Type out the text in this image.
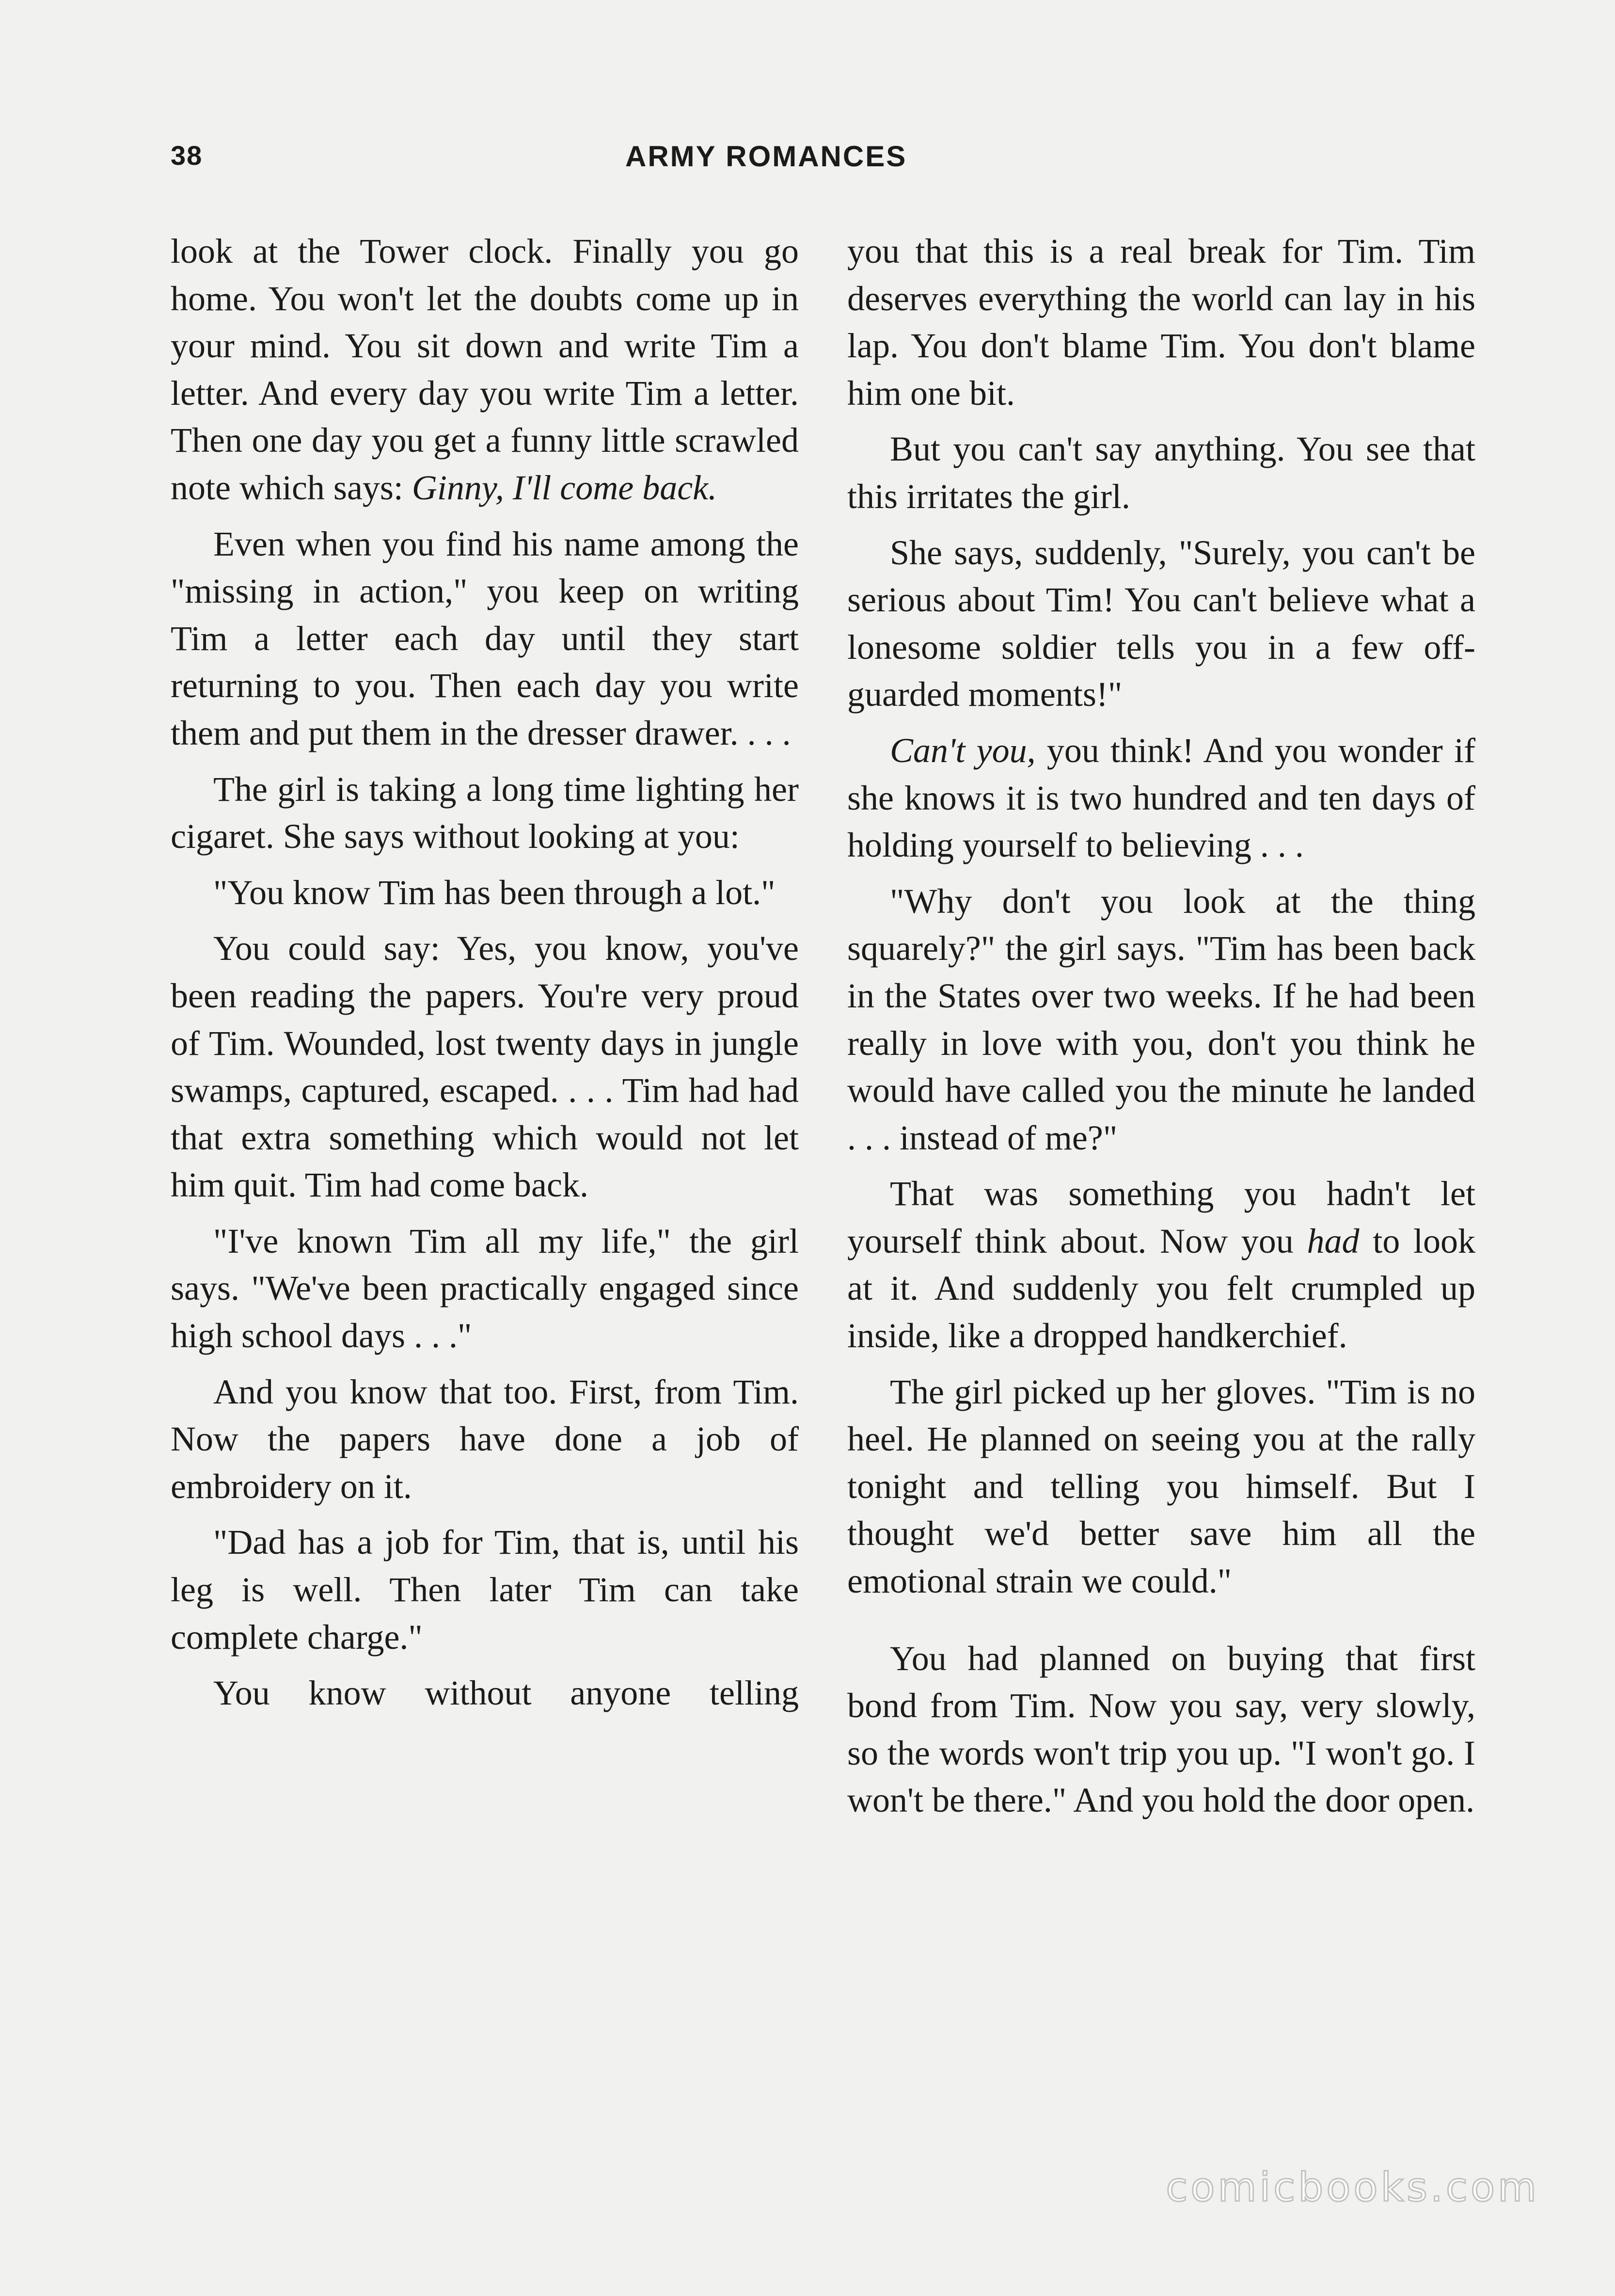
38	ARMY ROMANCES

look at the Tower clock. Finally you go home. You won't let the doubts come up in your mind. You sit down and write Tim a letter. And every day you write Tim a letter. Then one day you get a funny little scrawled note which says: Ginny, I'll come back.

Even when you find his name among the "missing in action," you keep on writing Tim a letter each day until they start returning to you. Then each day you write them and put them in the dresser drawer. . . .

The girl is taking a long time lighting her cigaret. She says without looking at you:

"You know Tim has been through a lot."

You could say: Yes, you know, you've been reading the papers. You're very proud of Tim. Wounded, lost twenty days in jungle swamps, captured, escaped. . . . Tim had had that extra something which would not let him quit. Tim had come back.

"I've known Tim all my life," the girl says. "We've been practically engaged since high school days . . ."

And you know that too. First, from Tim. Now the papers have done a job of embroidery on it.

"Dad has a job for Tim, that is, until his leg is well. Then later Tim can take complete charge."

You know without anyone telling

you that this is a real break for Tim. Tim deserves everything the world can lay in his lap. You don't blame Tim. You don't blame him one bit.

But you can't say anything. You see that this irritates the girl.

She says, suddenly, "Surely, you can't be serious about Tim! You can't believe what a lonesome soldier tells you in a few off-guarded moments!"

Can't you, you think! And you wonder if she knows it is two hundred and ten days of holding yourself to believing . . .

"Why don't you look at the thing squarely?" the girl says. "Tim has been back in the States over two weeks. If he had been really in love with you, don't you think he would have called you the minute he landed . . . instead of me?"

That was something you hadn't let yourself think about. Now you had to look at it. And suddenly you felt crumpled up inside, like a dropped handkerchief.

The girl picked up her gloves. "Tim is no heel. He planned on seeing you at the rally tonight and telling you himself. But I thought we'd better save him all the emotional strain we could."

You had planned on buying that first bond from Tim. Now you say, very slowly, so the words won't trip you up. "I won't go. I won't be there." And you hold the door open.

comicbooks.com
